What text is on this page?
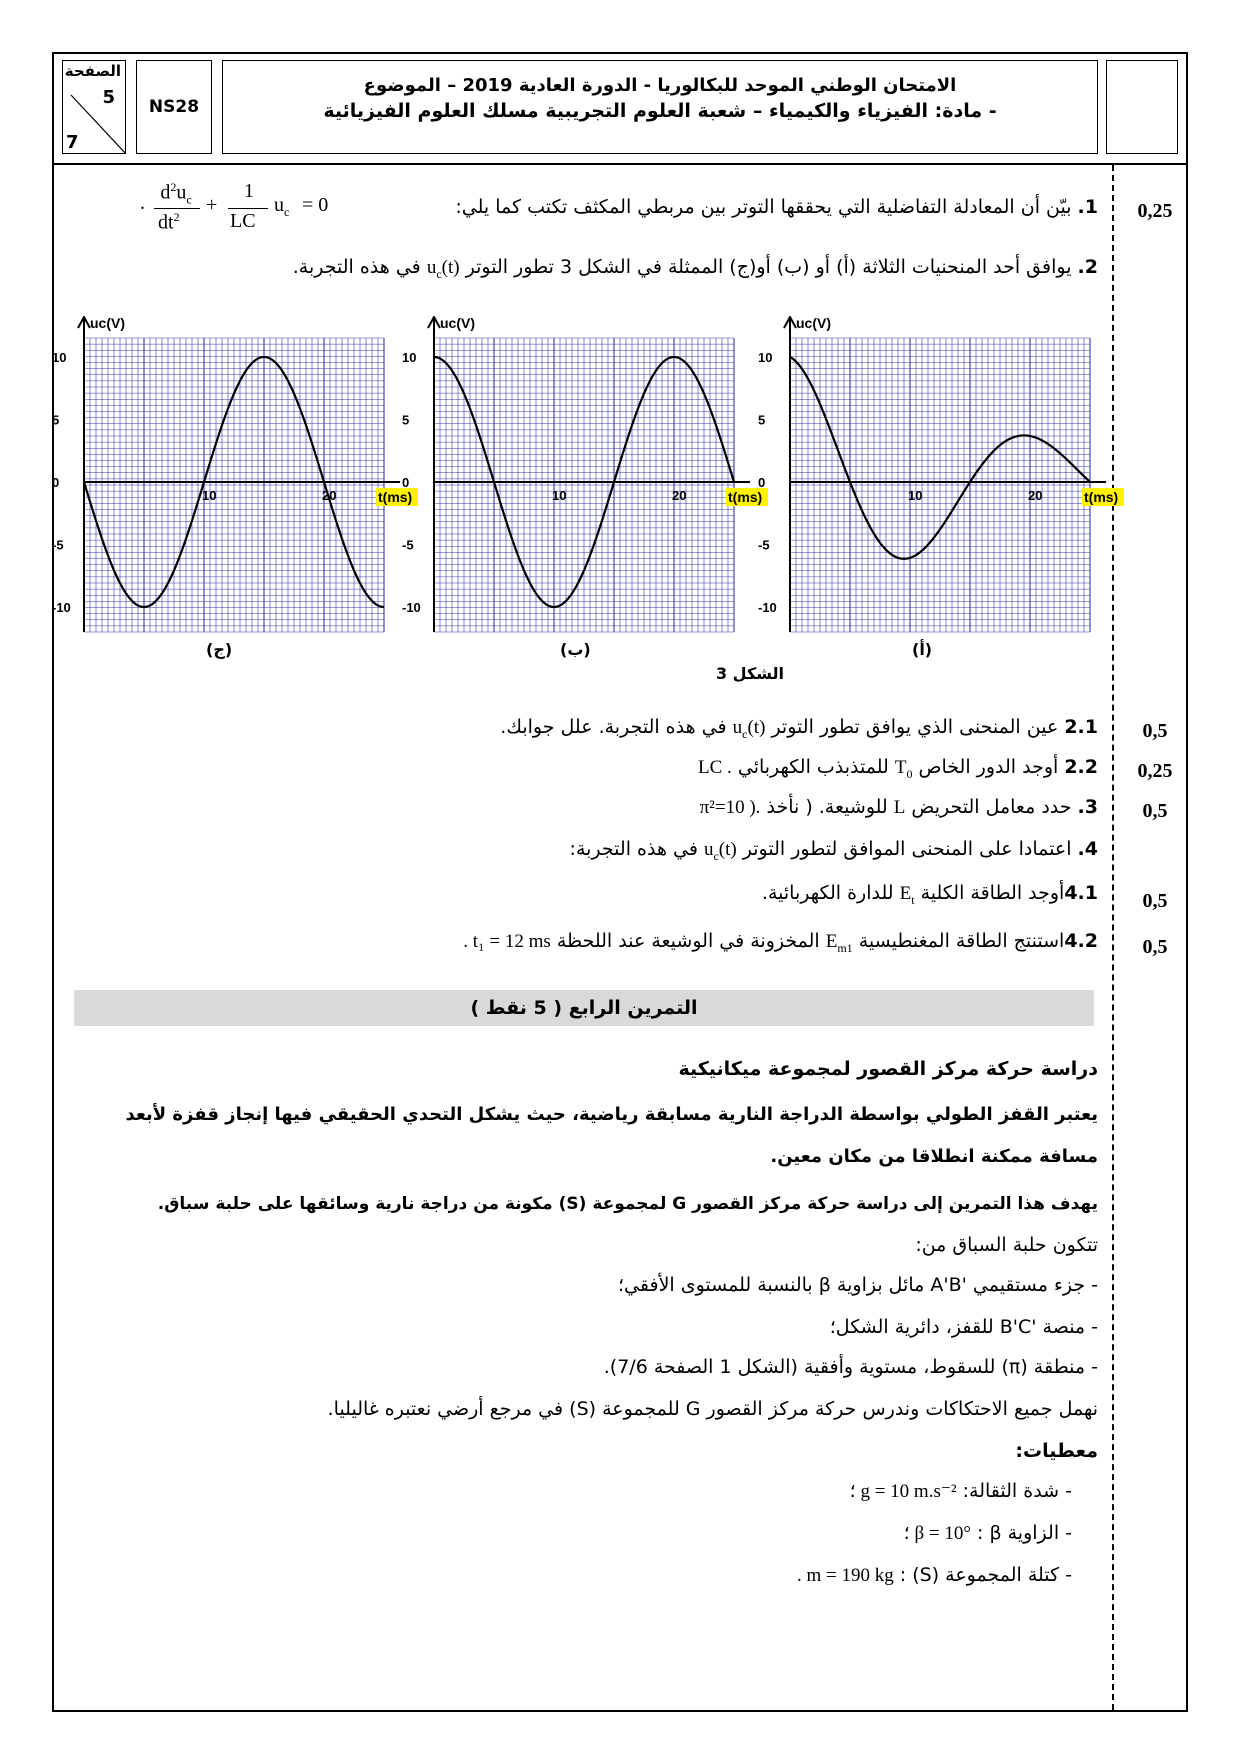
الصفحة
5
7
NS28
الامتحان الوطني الموحد للبكالوريا - الدورة العادية 2019 – الموضوع
- مادة: الفيزياء والكيمياء – شعبة العلوم التجريبية مسلك العلوم الفيزيائية
0,25
1. بيّن أن المعادلة التفاضلية التي يحققها التوتر بين مربطي المكثف تكتب كما يلي:
. $d^2u_c$
$dt^2$
+
1
LC
$u_c = 0$
2. يوافق أحد المنحنيات الثلاثة (أ) أو (ب) أو(ج) الممثلة في الشكل 3 تطور التوتر $u_c(t)$ في هذه التجربة.
uc(V)
t(ms)
10
5
0
-5
-10
10	20
uc(V)
t(ms)
10
5
0
-5
-10
10	20
uc(V)
t(ms)
10
5
0
-5
-10
10	20
(ج)	(ب)	(أ)
الشكل 3
0,5
2.1 عين المنحنى الذي يوافق تطور التوتر $u_c(t)$ في هذه التجربة. علل جوابك.
0,25
2.2 أوجد الدور الخاص $T_0$ للمتذبذب الكهربائي LC .
0,5
3. حدد معامل التحريض L للوشيعة. ( نأخذ π²=10 ).
4. اعتمادا على المنحنى الموافق لتطور التوتر $u_c(t)$ في هذه التجربة:
0,5
4.1أوجد الطاقة الكلية $E_t$ للدارة الكهربائية.
0,5
4.2استنتج الطاقة المغنطيسية $E_{m1}$ المخزونة في الوشيعة عند اللحظة . t₁ = 12 ms
التمرين الرابع ( 5 نقط )
دراسة حركة مركز القصور لمجموعة ميكانيكية
يعتبر القفز الطولي بواسطة الدراجة النارية مسابقة رياضية، حيث يشكل التحدي الحقيقي فيها إنجاز قفزة لأبعد
مسافة ممكنة انطلاقا من مكان معين.
يهدف هذا التمرين إلى دراسة حركة مركز القصور G لمجموعة (S) مكونة من دراجة نارية وسائقها على حلبة سباق.
تتكون حلبة السباق من:
- جزء مستقيمي 'A'B مائل بزاوية β بالنسبة للمستوى الأفقي؛
- منصة 'B'C للقفز، دائرية الشكل؛
- منطقة (π) للسقوط، مستوية وأفقية (الشكل 1 الصفحة 7/6).
نهمل جميع الاحتكاكات وندرس حركة مركز القصور G للمجموعة (S) في مرجع أرضي نعتبره غاليليا.
معطيات:
- شدة الثقالة: ؛ g = 10 m.s⁻²
- الزاوية β : ؛ β = 10°
- كتلة المجموعة (S) : . m = 190 kg
